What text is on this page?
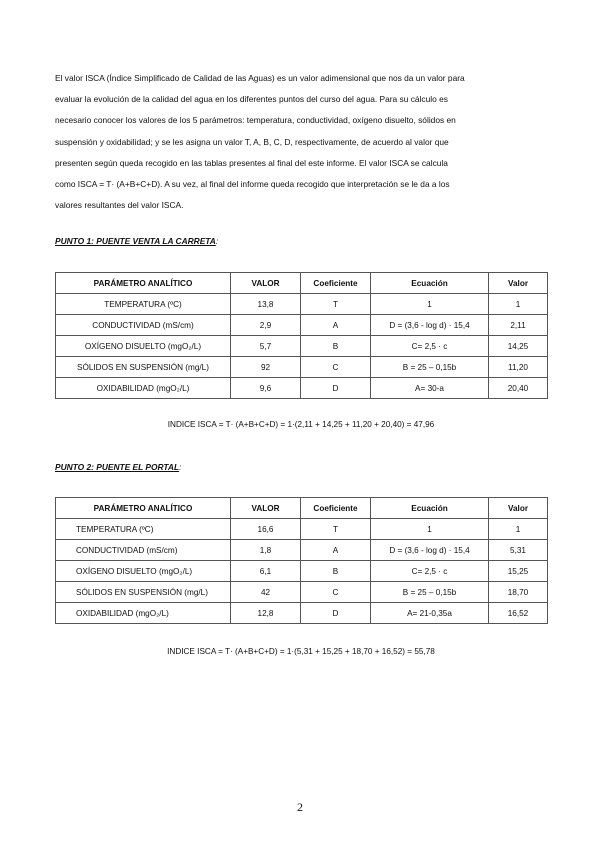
El valor ISCA (Índice Simplificado de Calidad de las Aguas) es un valor adimensional que nos da un valor para
evaluar la evolución de la calidad del agua en los diferentes puntos del curso del agua. Para su cálculo es
necesario conocer los valores de los 5 parámetros: temperatura, conductividad, oxígeno disuelto, sólidos en
suspensión y oxidabilidad; y se les asigna un valor T, A, B, C, D, respectivamente, de acuerdo al valor que
presenten según queda recogido en las tablas presentes al final del este informe. El valor ISCA se calcula
como ISCA = T· (A+B+C+D). A su vez, al final del informe queda recogido que interpretación se le da a los
valores resultantes del valor ISCA.

PUNTO 1: PUENTE VENTA LA CARRETA:

PARÁMETRO ANALÍTICO	VALOR	Coeficiente	Ecuación	Valor
TEMPERATURA (ºC)	13,8	T	1	1
CONDUCTIVIDAD (mS/cm)	2,9	A	D = (3,6 - log d) · 15,4	2,11
OXÍGENO DISUELTO (mgO₂/L)	5,7	B	C= 2,5 · c	14,25
SÓLIDOS EN SUSPENSIÓN (mg/L)	92	C	B = 25 – 0,15b	11,20
OXIDABILIDAD (mgO₂/L)	9,6	D	A= 30-a	20,40

INDICE ISCA = T· (A+B+C+D) = 1·(2,11 + 14,25 + 11,20 + 20,40) = 47,96

PUNTO 2: PUENTE EL PORTAL:

PARÁMETRO ANALÍTICO	VALOR	Coeficiente	Ecuación	Valor
TEMPERATURA (ºC)	16,6	T	1	1
CONDUCTIVIDAD (mS/cm)	1,8	A	D = (3,6 - log d) · 15,4	5,31
OXÍGENO DISUELTO (mgO₂/L)	6,1	B	C= 2,5 · c	15,25
SÓLIDOS EN SUSPENSIÓN (mg/L)	42	C	B = 25 – 0,15b	18,70
OXIDABILIDAD (mgO₂/L)	12,8	D	A= 21-0,35a	16,52

INDICE ISCA = T· (A+B+C+D) = 1·(5,31 + 15,25 + 18,70 + 16,52) = 55,78

2
